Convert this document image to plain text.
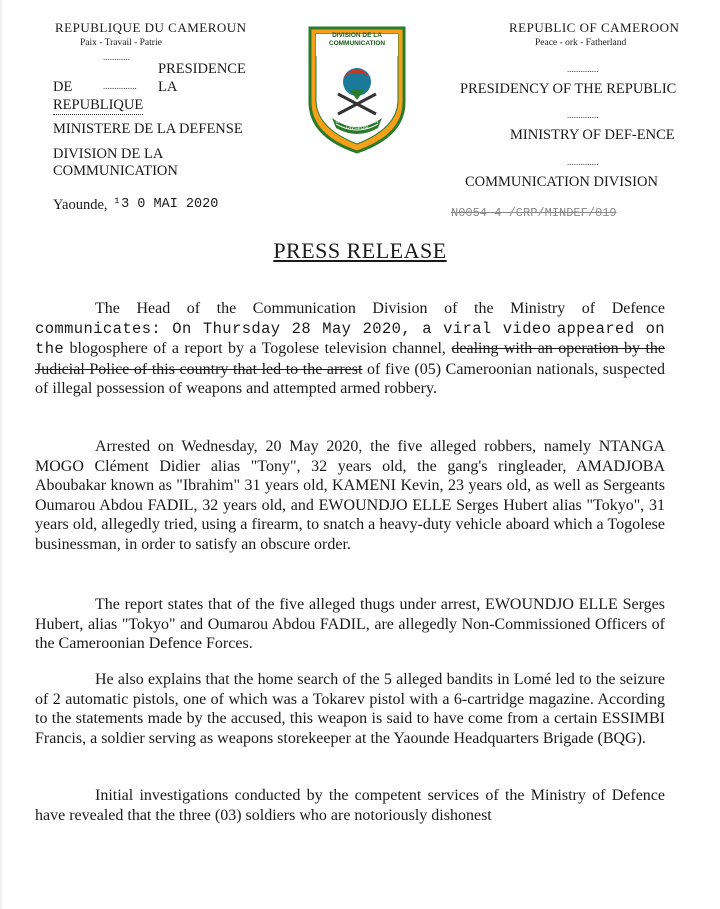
REPUBLIQUE DU CAMEROUN
Paix - Travail - Patrie
............
PRESIDENCE
DE	............... LA
REPUBLIQUE
MINISTERE DE LA DEFENSE
DIVISION DE LA
COMMUNICATION
Yaounde, ¹3 0 MAI 2020
DIVISION DE LA
COMMUNICATION
COMMUNICATION
DIVISION
REPUBLIC OF CAMEROON
Peace - ork - Fatherland
..............
PRESIDENCY OF THE REPUBLIC
..............
MINISTRY OF DEF-ENCE
..............
COMMUNICATION DIVISION
N0054 4 /CRP/MINDEF/019
PRESS RELEASE

The Head of the Communication Division of the Ministry of Defence communicates: On Thursday 28 May 2020, a viral video appeared on the blogosphere of a report by a Togolese television channel, dealing with an operation by the Judicial Police of this country that led to the arrest of five (05) Cameroonian nationals, suspected of illegal possession of weapons and attempted armed robbery.

Arrested on Wednesday, 20 May 2020, the five alleged robbers, namely NTANGA MOGO Clément Didier alias "Tony", 32 years old, the gang's ringleader, AMADJOBA Aboubakar known as "Ibrahim" 31 years old, KAMENI Kevin, 23 years old, as well as Sergeants Oumarou Abdou FADIL, 32 years old, and EWOUNDJO ELLE Serges Hubert alias "Tokyo", 31 years old, allegedly tried, using a firearm, to snatch a heavy-duty vehicle aboard which a Togolese businessman, in order to satisfy an obscure order.

The report states that of the five alleged thugs under arrest, EWOUNDJO ELLE Serges Hubert, alias "Tokyo" and Oumarou Abdou FADIL, are allegedly Non-Commissioned Officers of the Cameroonian Defence Forces.

He also explains that the home search of the 5 alleged bandits in Lomé led to the seizure of 2 automatic pistols, one of which was a Tokarev pistol with a 6-cartridge magazine. According to the statements made by the accused, this weapon is said to have come from a certain ESSIMBI Francis, a soldier serving as weapons storekeeper at the Yaounde Headquarters Brigade (BQG).

Initial investigations conducted by the competent services of the Ministry of Defence have revealed that the three (03) soldiers who are notoriously dishonest
